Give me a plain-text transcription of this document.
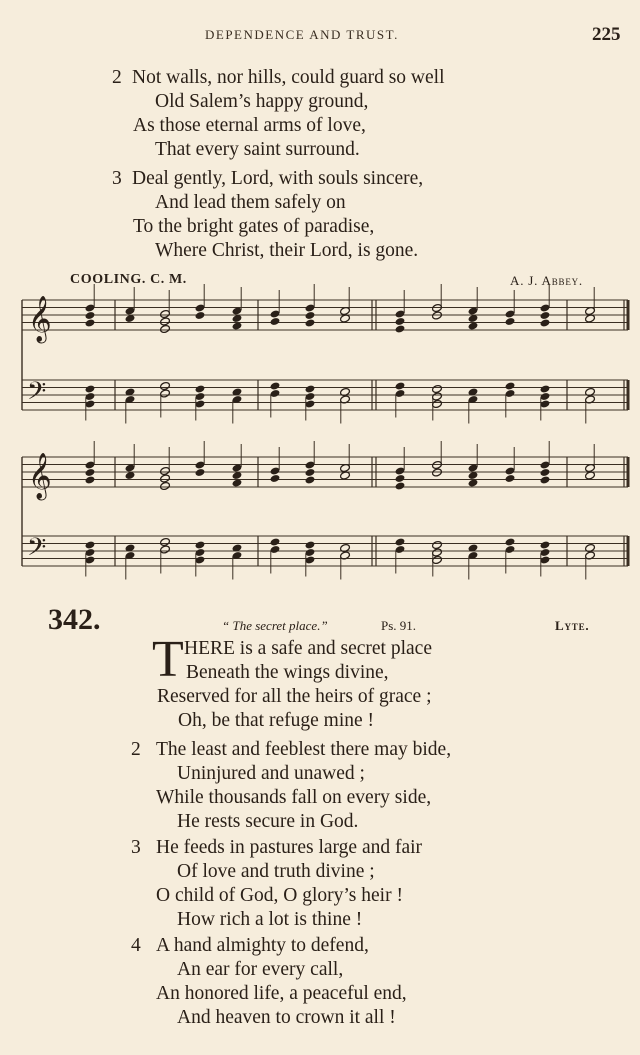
DEPENDENCE AND TRUST.	225
2 Not walls, nor hills, could guard so well
Old Salem’s happy ground,
As those eternal arms of love,
That every saint surround.
3 Deal gently, Lord, with souls sincere,
And lead them safely on
To the bright gates of paradise,
Where Christ, their Lord, is gone.
COOLING. C. M.	A. J. Abbey.
𝄞
𝄢
𝄞
𝄢
342.	“ The secret place.”	Ps. 91.	Lyte.
T HERE is a safe and secret place
Beneath the wings divine,
Reserved for all the heirs of grace ;
Oh, be that refuge mine !
2 The least and feeblest there may bide,
Uninjured and unawed ;
While thousands fall on every side,
He rests secure in God.
3 He feeds in pastures large and fair
Of love and truth divine ;
O child of God, O glory’s heir !
How rich a lot is thine !
4 A hand almighty to defend,
An ear for every call,
An honored life, a peaceful end,
And heaven to crown it all !
